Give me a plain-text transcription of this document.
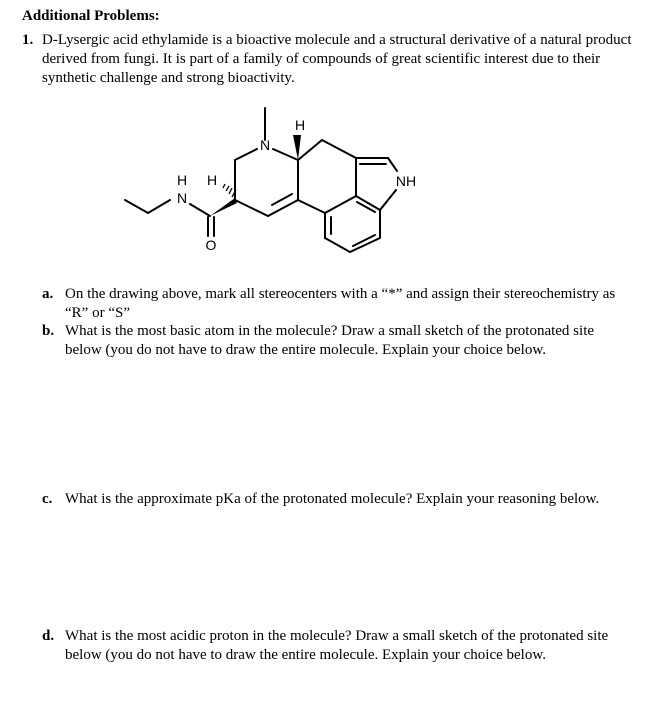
Additional Problems:
1. D-Lysergic acid ethylamide is a bioactive molecule and a structural derivative of a natural product derived from fungi. It is part of a family of compounds of great scientific interest due to their synthetic challenge and strong bioactivity.
N
H
NH
H
H
N
O
a. On the drawing above, mark all stereocenters with a “*” and assign their stereochemistry as “R” or “S”
b. What is the most basic atom in the molecule? Draw a small sketch of the protonated site below (you do not have to draw the entire molecule. Explain your choice below.
c. What is the approximate pKa of the protonated molecule? Explain your reasoning below.
d. What is the most acidic proton in the molecule? Draw a small sketch of the protonated site below (you do not have to draw the entire molecule. Explain your choice below.
